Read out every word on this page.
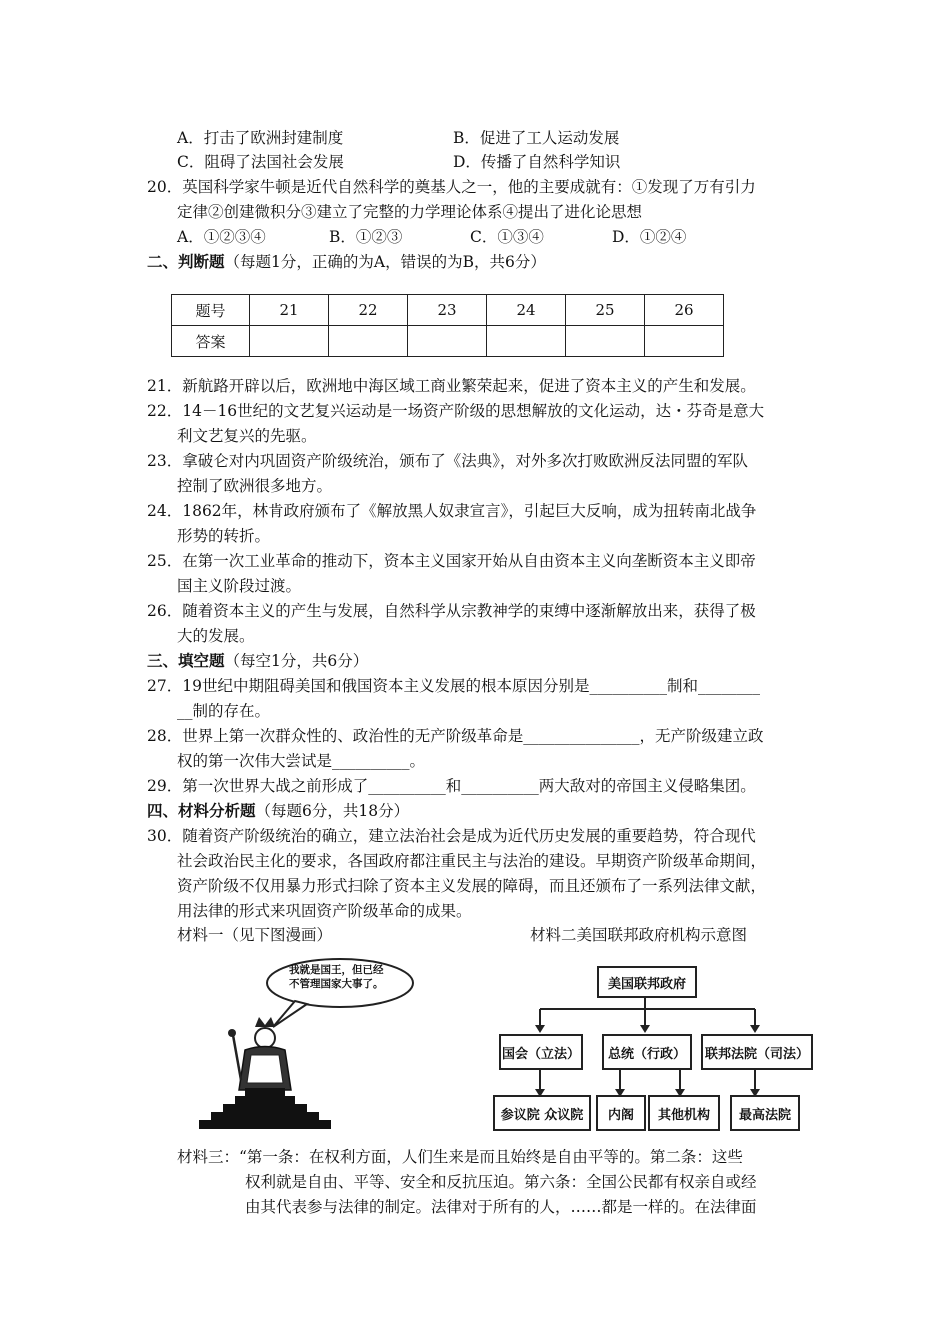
A．打击了欧洲封建制度	B．促进了工人运动发展
C．阻碍了法国社会发展	D．传播了自然科学知识
20．英国科学家牛顿是近代自然科学的奠基人之一，他的主要成就有：①发现了万有引力
定律②创建微积分③建立了完整的力学理论体系④提出了进化论思想
A．①②③④	B．①②③	C．①③④	D．①②④
二、判断题（每题1分，正确的为A，错误的为B，共6分）
题号	21	22	23	24	25	26
答案						
21．新航路开辟以后，欧洲地中海区域工商业繁荣起来，促进了资本主义的产生和发展。
22．14－16世纪的文艺复兴运动是一场资产阶级的思想解放的文化运动，达・芬奇是意大
利文艺复兴的先驱。
23．拿破仑对内巩固资产阶级统治，颁布了《法典》，对外多次打败欧洲反法同盟的军队
控制了欧洲很多地方。
24．1862年，林肯政府颁布了《解放黑人奴隶宣言》，引起巨大反响，成为扭转南北战争
形势的转折。
25．在第一次工业革命的推动下，资本主义国家开始从自由资本主义向垄断资本主义即帝
国主义阶段过渡。
26．随着资本主义的产生与发展，自然科学从宗教神学的束缚中逐渐解放出来，获得了极
大的发展。
三、填空题（每空1分，共6分）
27．19世纪中期阻碍美国和俄国资本主义发展的根本原因分别是__________制和________
__制的存在。
28．世界上第一次群众性的、政治性的无产阶级革命是_______________，无产阶级建立政
权的第一次伟大尝试是__________。
29．第一次世界大战之前形成了__________和__________两大敌对的帝国主义侵略集团。
四、材料分析题（每题6分，共18分）
30．随着资产阶级统治的确立，建立法治社会是成为近代历史发展的重要趋势，符合现代
社会政治民主化的要求，各国政府都注重民主与法治的建设。早期资产阶级革命期间，
资产阶级不仅用暴力形式扫除了资本主义发展的障碍，而且还颁布了一系列法律文献，
用法律的形式来巩固资产阶级革命的成果。
材料一（见下图漫画）	材料二美国联邦政府机构示意图
我就是国王，但已经
不管理国家大事了。	美国联邦政府
国会（立法）	总统（行政）	联邦法院（司法）
参议院 众议院	内阁	其他机构	最高法院
材料三：“第一条：在权利方面，人们生来是而且始终是自由平等的。第二条：这些
权利就是自由、平等、安全和反抗压迫。第六条：全国公民都有权亲自或经
由其代表参与法律的制定。法律对于所有的人，……都是一样的。在法律面
